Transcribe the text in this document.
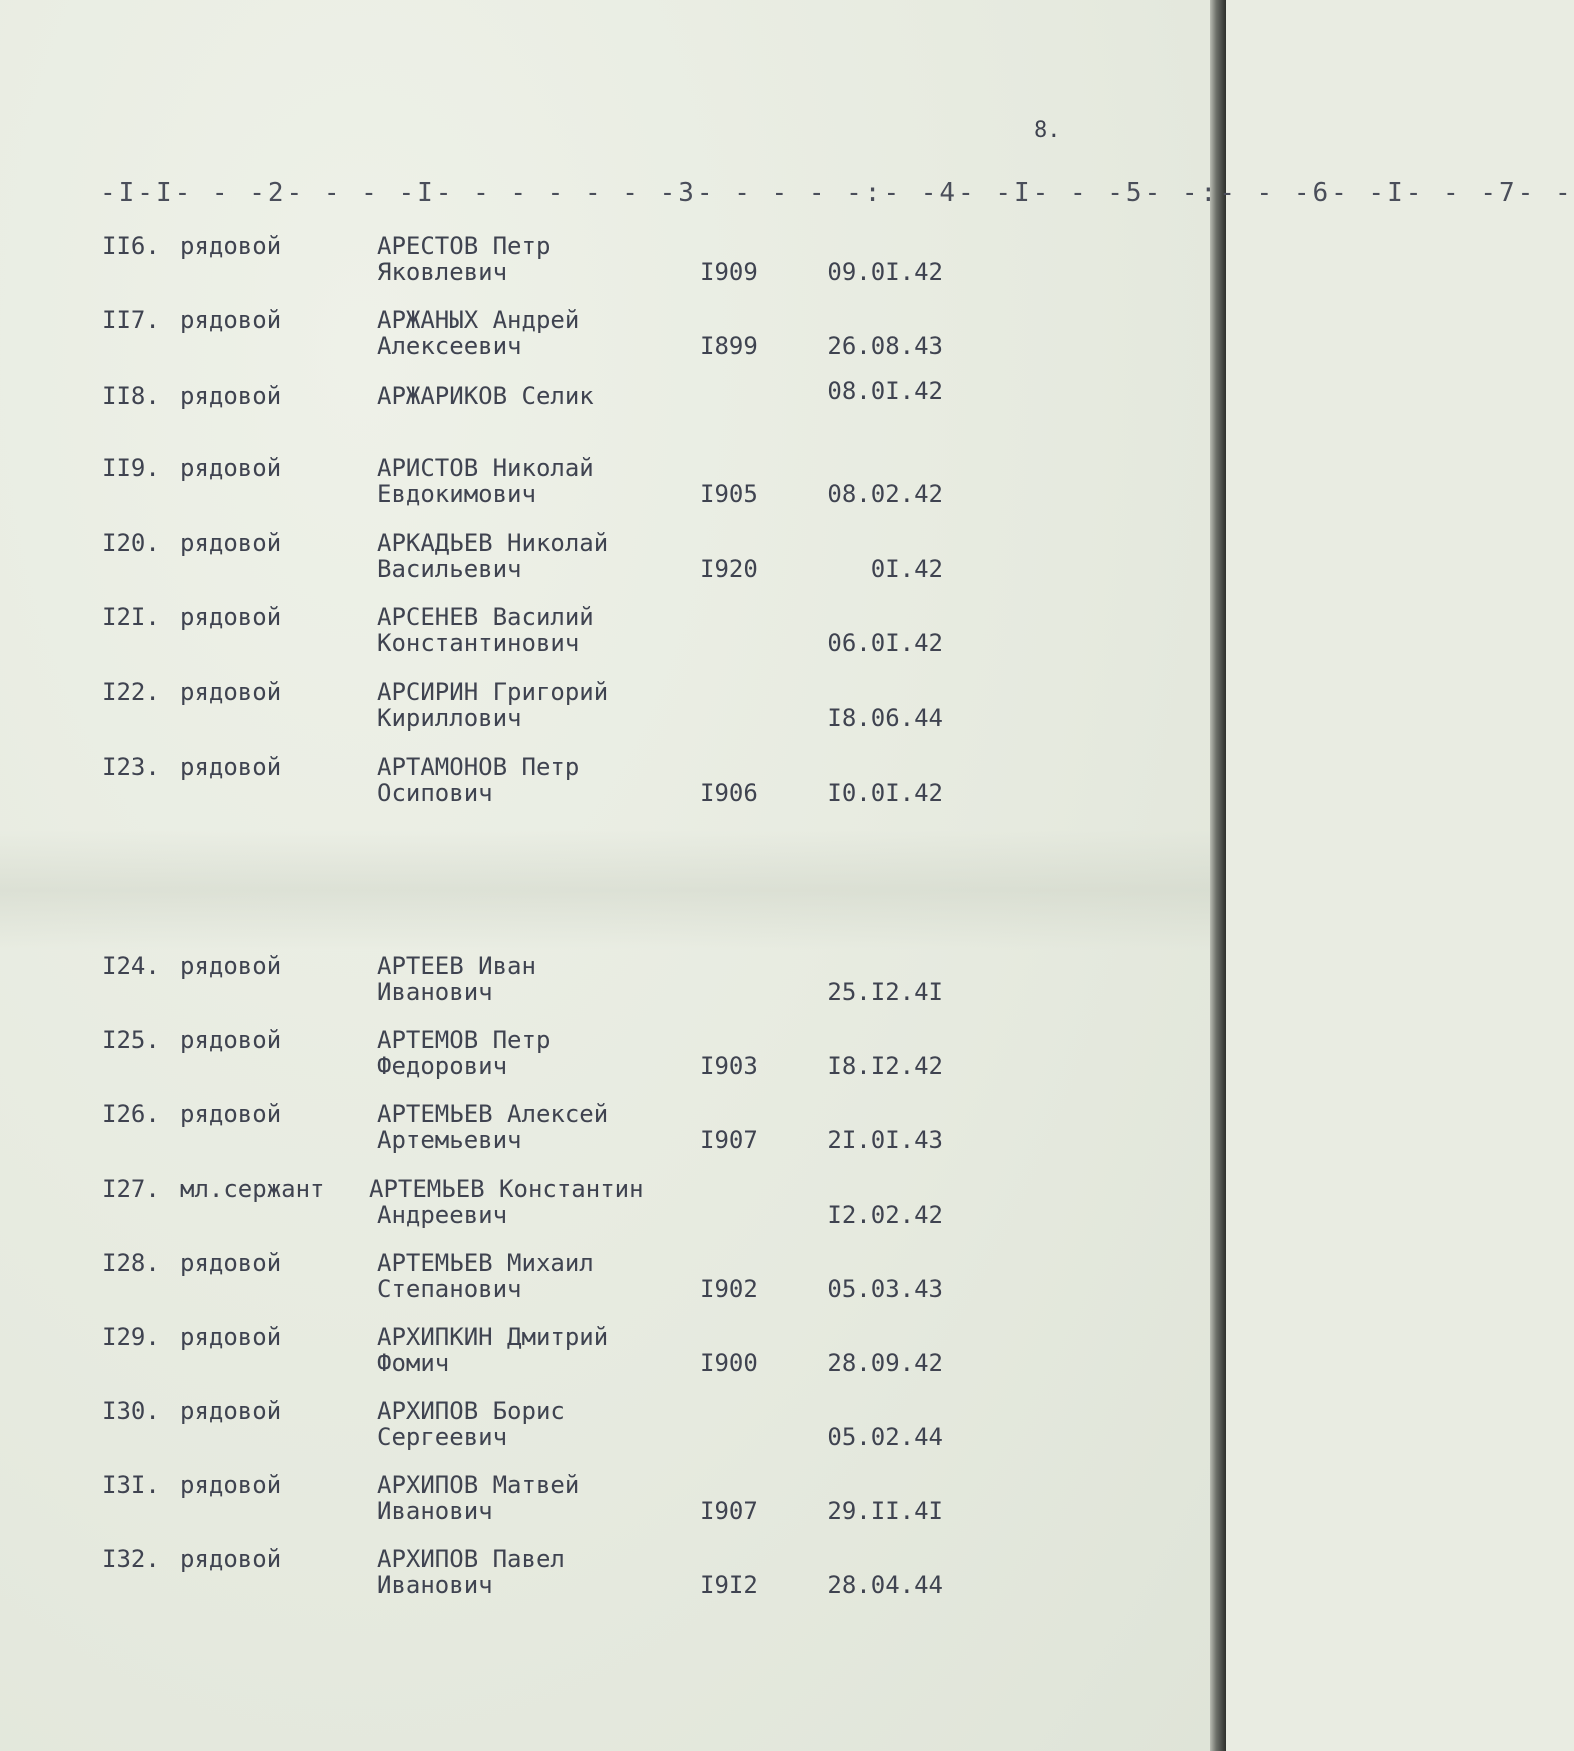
8.
-I-I- - -2- - - -I- - - - - - -3- - - - -:- -4- -I- - -5- -:- - -6- -I- - -7- -
II6. рядовой	АРЕСТОВ Петр
Яковлевич	I909	09.0I.42
II7. рядовой	АРЖАНЫХ Андрей
Алексеевич	I899	26.08.43
II8. рядовой	АРЖАРИКОВ Селик	08.0I.42
II9. рядовой	АРИСТОВ Николай
Евдокимович	I905	08.02.42
I20. рядовой	АРКАДЬЕВ Николай
Васильевич	I920	0I.42
I2I. рядовой	АРСЕНЕВ Василий
Константинович	06.0I.42
I22. рядовой	АРСИРИН Григорий
Кириллович	I8.06.44
I23. рядовой	АРТАМОНОВ Петр
Осипович	I906	I0.0I.42
I24. рядовой	АРТЕЕВ Иван
Иванович	25.I2.4I
I25. рядовой	АРТЕМОВ Петр
Федорович	I903	I8.I2.42
I26. рядовой	АРТЕМЬЕВ Алексей
Артемьевич	I907	2I.0I.43
I27. мл.сержант АРТЕМЬЕВ Константин
Андреевич	I2.02.42
I28. рядовой	АРТЕМЬЕВ Михаил
Степанович	I902	05.03.43
I29. рядовой	АРХИПКИН Дмитрий
Фомич	I900	28.09.42
I30. рядовой	АРХИПОВ Борис
Сергеевич	05.02.44
I3I. рядовой	АРХИПОВ Матвей
Иванович	I907	29.II.4I
I32. рядовой	АРХИПОВ Павел
Иванович	I9I2	28.04.44
